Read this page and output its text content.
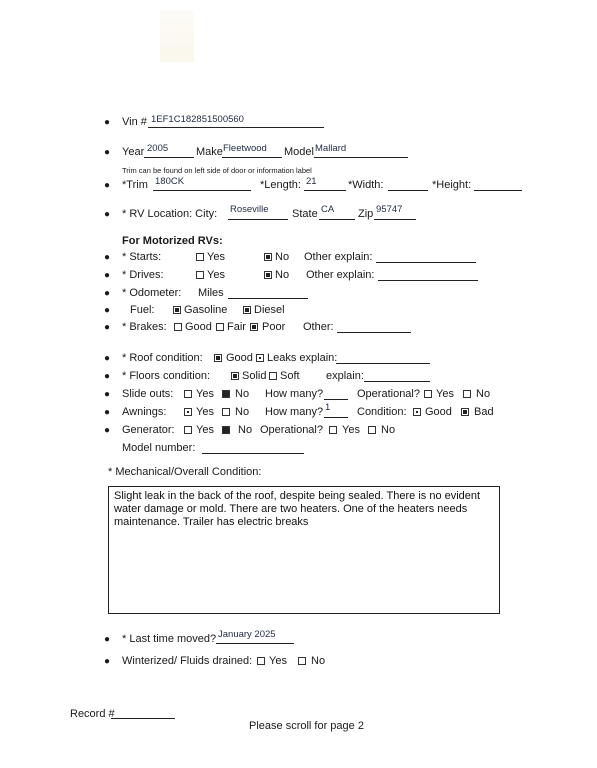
● Vin # 1EF1C182851500560
● Year 2005	Make Fleetwood Model Mallard
Trim can be found on left side of door or information label
● *Trim 180CK	*Length: 21	*Width:	*Height:
● * RV Location: City: Roseville State CA Zip 95747
For Motorized RVs:
● * Starts:	Yes	No Other explain:
● * Drives:	Yes	No Other explain:
● * Odometer: Miles
● Fuel:	Gasoline Diesel
● * Brakes: Good Fair Poor Other:
● * Roof condition: Good Leaks explain:
● * Floors condition:	Solid Soft explain:
● Slide outs: Yes No How many?	Operational? Yes No
● Awnings:	Yes No How many? 1 Condition: Good Bad
● Generator: Yes No Operational? Yes No
Model number:
* Mechanical/Overall Condition:
Slight leak in the back of the roof, despite being sealed. There is no evident water damage or mold. There are two heaters. One of the heaters needs maintenance. Trailer has electric breaks
● * Last time moved? January 2025
● Winterized/ Fluids drained: Yes No
Record #
Please scroll for page 2
